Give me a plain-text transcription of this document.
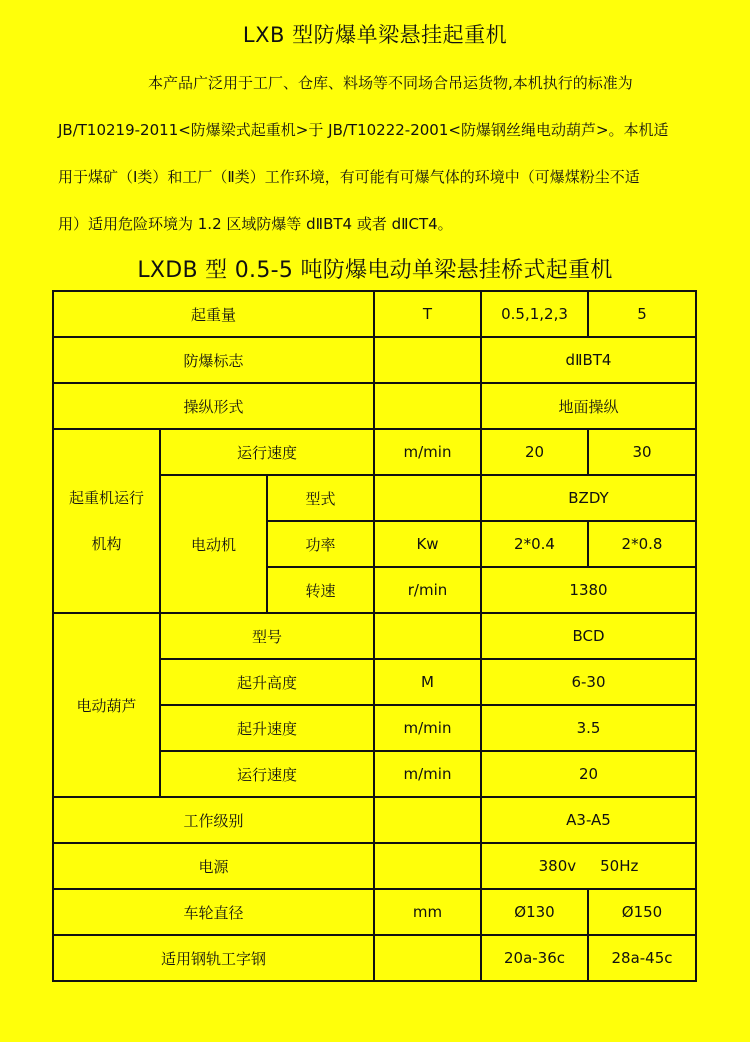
LXB 型防爆单梁悬挂起重机

本产品广泛用于工厂、仓库、料场等不同场合吊运货物,本机执行的标准为

JB/T10219-2011<防爆梁式起重机>于 JB/T10222-2001<防爆钢丝绳电动葫芦>。本机适

用于煤矿（Ⅰ类）和工厂（Ⅱ类）工作环境，有可能有可爆气体的环境中（可爆煤粉尘不适

用）适用危险环境为 1.2 区域防爆等 dⅡBT4 或者 dⅡCT4。

LXDB 型 0.5-5 吨防爆电动单梁悬挂桥式起重机
起重量			T	0.5,1,2,3	5
防爆标志				dⅡBT4	
操纵形式				地面操纵	

起重机运行
机构	运行速度		m/min	20	30
	电动机	型式		BZDY	
		功率	Kw	2*0.4	2*0.8
		转速	r/min	1380	
电动葫芦	型号			BCD	
	起升高度		M	6-30	
	起升速度		m/min	3.5	
	运行速度		m/min	20	
工作级别				A3-A5	
电源				380v 50Hz	
车轮直径			mm	Ø130	Ø150
适用钢轨工字钢				20a-36c	28a-45c
